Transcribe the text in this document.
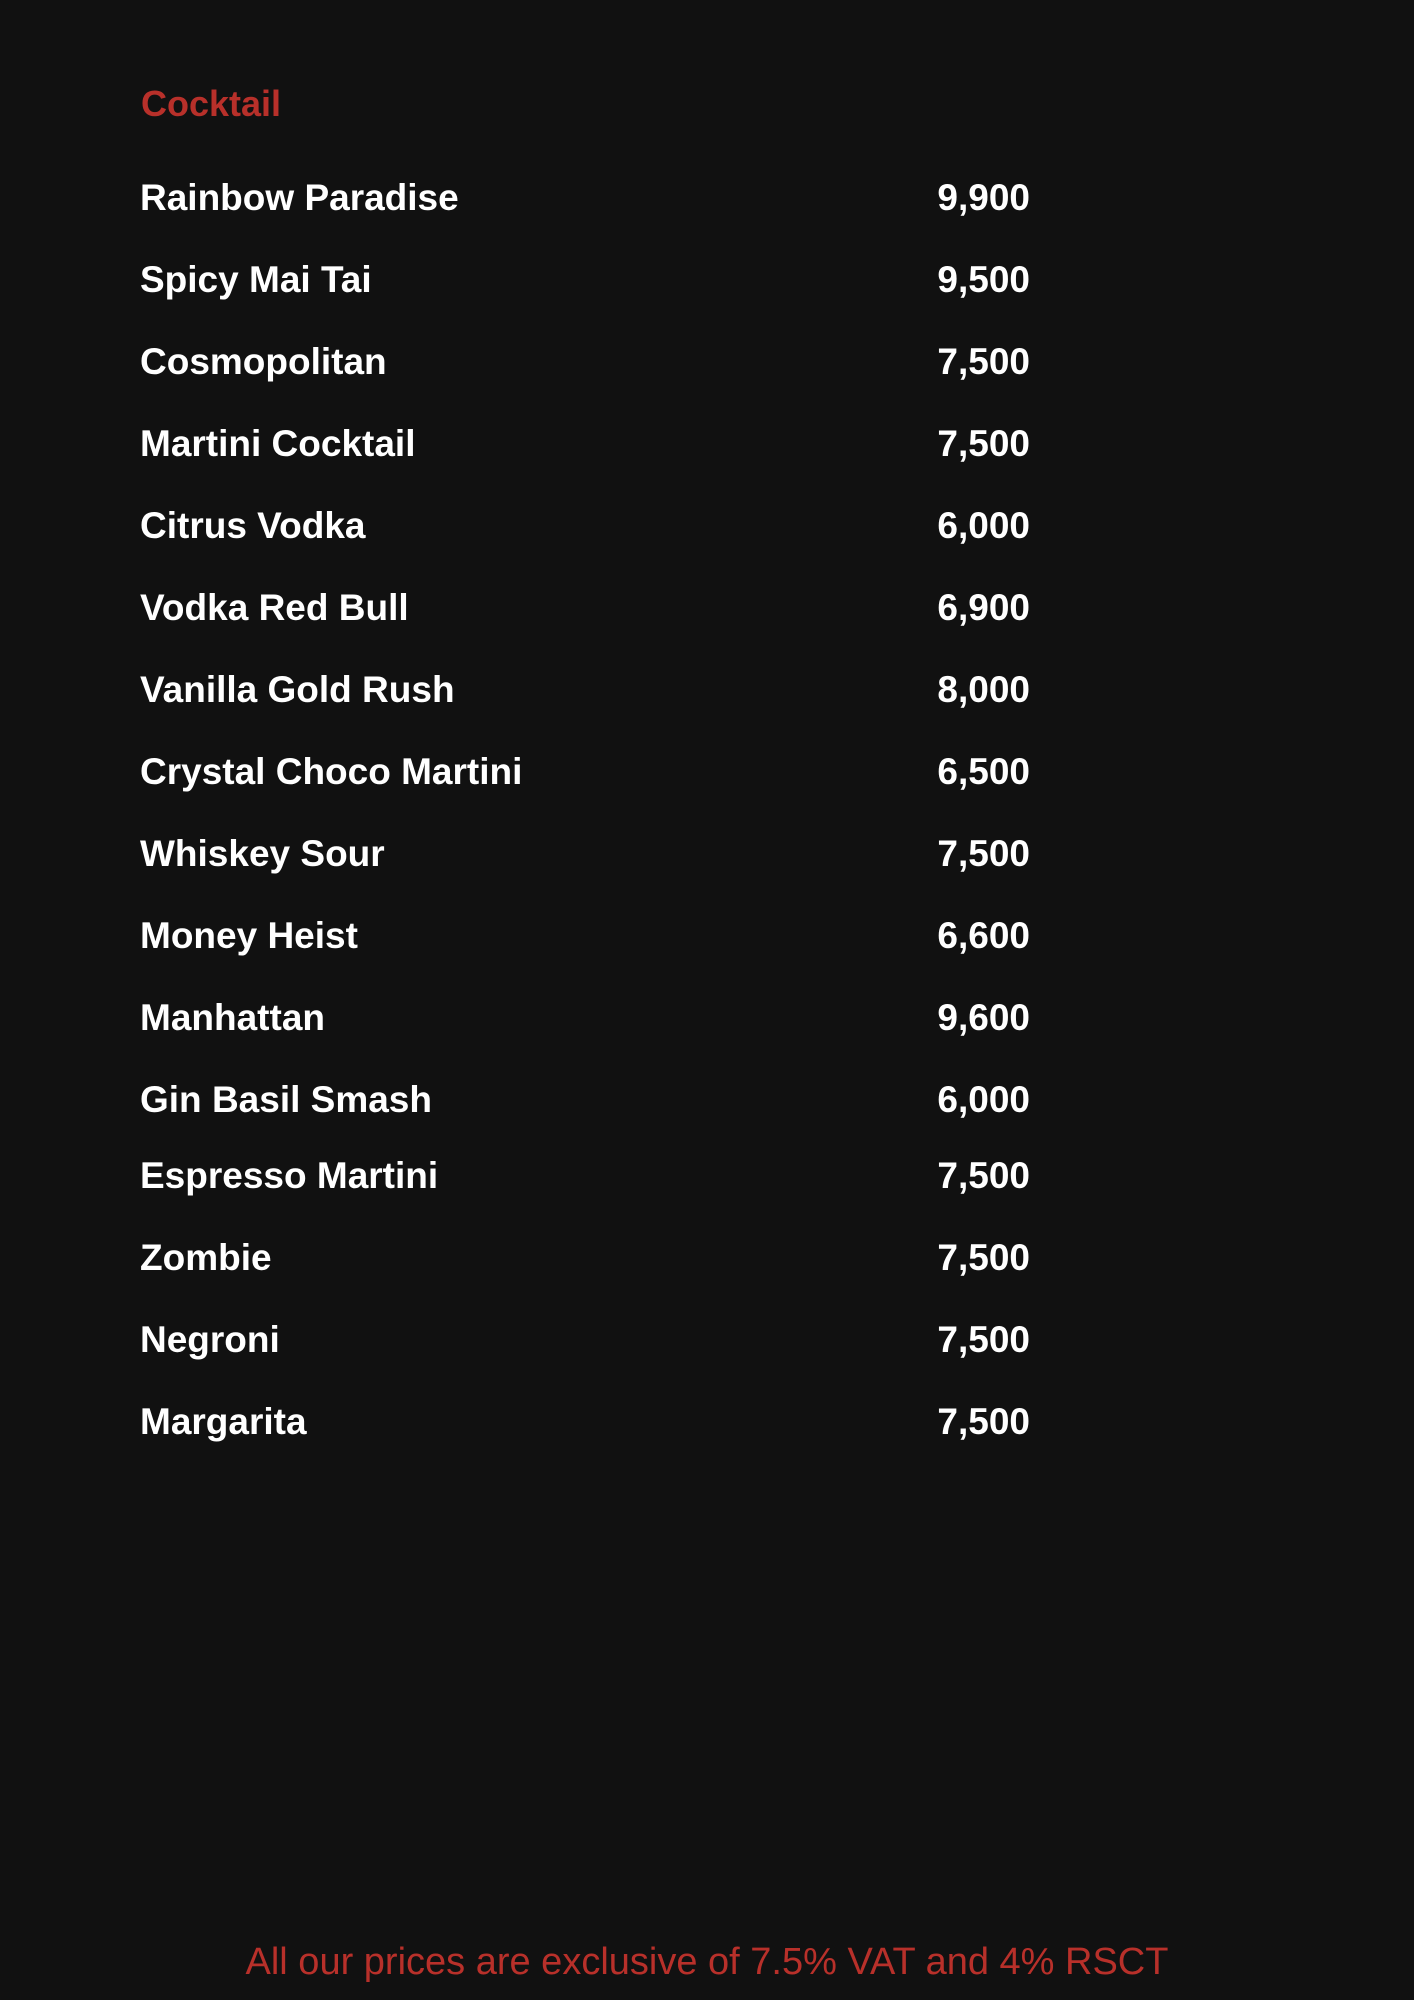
Cocktail
Rainbow Paradise	9,900
Spicy Mai Tai	9,500
Cosmopolitan	7,500
Martini Cocktail	7,500
Citrus Vodka	6,000
Vodka Red Bull	6,900
Vanilla Gold Rush	8,000
Crystal Choco Martini	6,500
Whiskey Sour	7,500
Money Heist	6,600
Manhattan	9,600
Gin Basil Smash	6,000
Espresso Martini	7,500
Zombie	7,500
Negroni	7,500
Margarita	7,500

All our prices are exclusive of 7.5% VAT and 4% RSCT
